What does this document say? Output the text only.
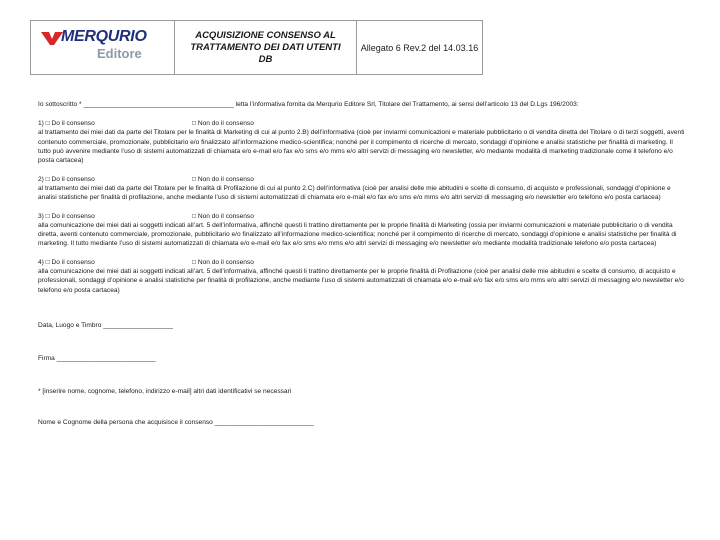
MERQURIO
Editore
ACQUISIZIONE CONSENSO AL
TRATTAMENTO DEI DATI UTENTI
DB
Allegato 6 Rev.2 del 14.03.16

Io sottoscritto * _________________________________________ letta l’informativa fornita da Merqurio Editore Srl, Titolare del Trattamento, ai sensi dell’articolo 13 del D.Lgs 196/2003:

1) □ Do il consenso	□ Non do il consenso

al trattamento dei miei dati da parte del Titolare per le finalità di Marketing di cui al punto 2.B) dell’informativa (cioè per inviarmi comunicazioni e materiale pubblicitario o di vendita diretta del Titolare o di terzi soggetti, aventi contenuto commerciale, promozionale, pubblicitario e/o finalizzato all’informazione medico-scientifica; nonché per il compimento di ricerche di mercato, sondaggi d’opinione e analisi statistiche per finalità di marketing. Il tutto può avvenire mediante l’uso di sistemi automatizzati di chiamata e/o e-mail e/o fax e/o sms e/o mms e/o altri servizi di messaging e/o newsletter, e/o mediante modalità di marketing tradizionale come il telefono e/o posta cartacea)

2) □ Do il consenso	□ Non do il consenso

al trattamento dei miei dati da parte del Titolare per le finalità di Profilazione di cui al punto 2.C) dell’informativa (cioè per analisi delle mie abitudini e scelte di consumo, di acquisto e professionali, sondaggi d’opinione e analisi statistiche per finalità di profilazione, anche mediante l’uso di sistemi automatizzati di chiamata e/o e-mail e/o fax e/o sms e/o mms e/o altri servizi di messaging e/o newsletter e/o telefono e/o posta cartacea)

3) □ Do il consenso	□ Non do il consenso

alla comunicazione dei miei dati ai soggetti indicati all’art. 5 dell’informativa, affinché questi li trattino direttamente per le proprie finalità di Marketing (ossia per inviarmi comunicazioni e materiale pubblicitario o di vendita diretta, aventi contenuto commerciale, promozionale, pubblicitario e/o finalizzato all’informazione medico-scientifica; nonché per il compimento di ricerche di mercato, sondaggi d’opinione e analisi statistiche per finalità di marketing. Il tutto mediante l’uso di sistemi automatizzati di chiamata e/o e-mail e/o fax e/o sms e/o mms e/o altri servizi di messaging e/o newsletter e/o mediante modalità tradizionale telefono e/o posta cartacea)

4) □ Do il consenso	□ Non do il consenso

alla comunicazione dei miei dati ai soggetti indicati all’art. 5 dell’informativa, affinché questi li trattino direttamente per le proprie finalità di Profilazione (cioè per analisi delle mie abitudini e scelte di consumo, di acquisto e professionali, sondaggi d’opinione e analisi statistiche per finalità di profilazione, anche mediante l’uso di sistemi automatizzati di chiamata e/o e-mail e/o fax e/o sms e/o mms e/o altri servizi di messaging e/o newsletter e/o telefono e/o posta cartacea)

Data, Luogo e Timbro ___________________

Firma ___________________________

* [inserire nome, cognome, telefono, indirizzo e-mail] altri dati identificativi se necessari

Nome e Cognome della persona che acquisisce il consenso ___________________________
